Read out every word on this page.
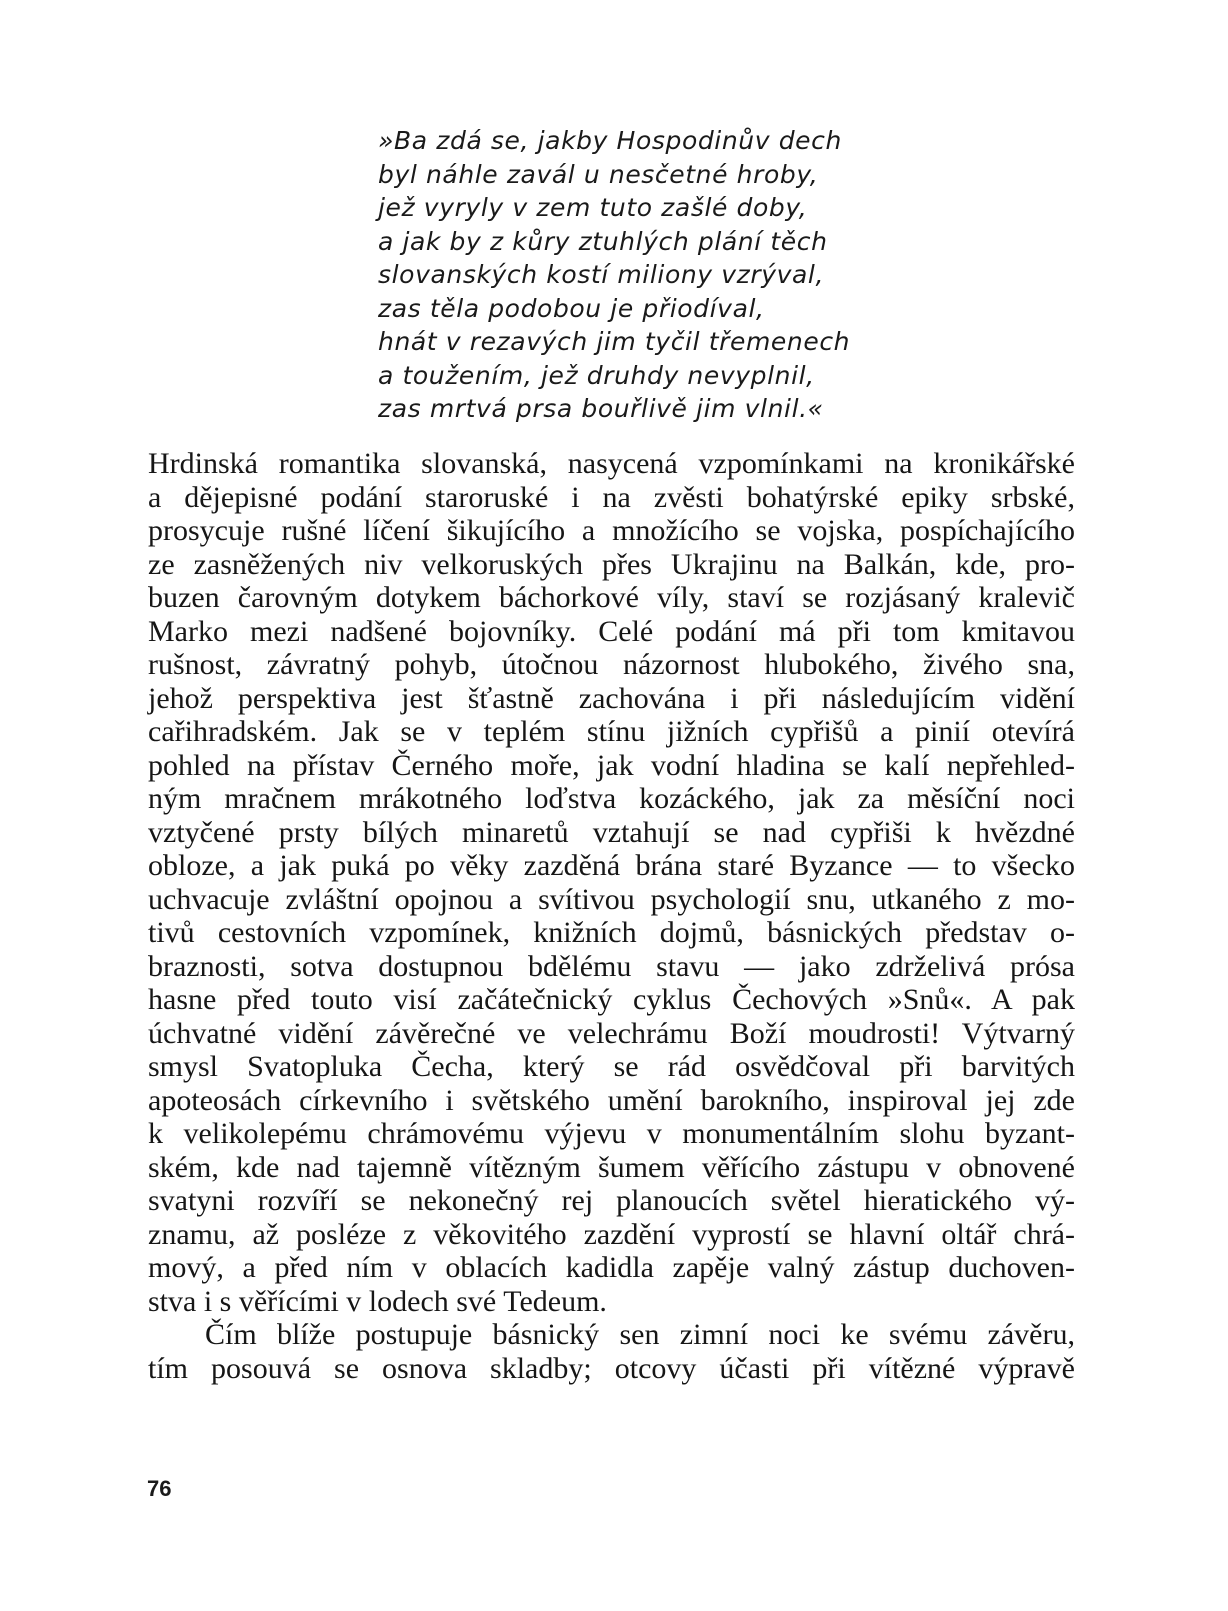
»Ba zdá se, jakby Hospodinův dech
byl náhle zavál u nesčetné hroby,
jež vyryly v zem tuto zašlé doby,
a jak by z kůry ztuhlých plání těch
slovanských kostí miliony vzrýval,
zas těla podobou je přiodíval,
hnát v rezavých jim tyčil třemenech
a toužením, jež druhdy nevyplnil,
zas mrtvá prsa bouřlivě jim vlnil.«
Hrdinská romantika slovanská, nasycená vzpomínkami na kronikářské
a dějepisné podání staroruské i na zvěsti bohatýrské epiky srbské,
prosycuje rušné líčení šikujícího a množícího se vojska, pospíchajícího
ze zasněžených niv velkoruských přes Ukrajinu na Balkán, kde, pro-
buzen čarovným dotykem báchorkové víly, staví se rozjásaný kralevič
Marko mezi nadšené bojovníky. Celé podání má při tom kmitavou
rušnost, závratný pohyb, útočnou názornost hlubokého, živého sna,
jehož perspektiva jest šťastně zachována i při následujícím vidění
cařihradském. Jak se v teplém stínu jižních cypřišů a pinií otevírá
pohled na přístav Černého moře, jak vodní hladina se kalí nepřehled-
ným mračnem mrákotného loďstva kozáckého, jak za měsíční noci
vztyčené prsty bílých minaretů vztahují se nad cypřiši k hvězdné
obloze, a jak puká po věky zazděná brána staré Byzance — to všecko
uchvacuje zvláštní opojnou a svítivou psychologií snu, utkaného z mo-
tivů cestovních vzpomínek, knižních dojmů, básnických představ o-
braznosti, sotva dostupnou bdělému stavu — jako zdrželivá prósa
hasne před touto visí začátečnický cyklus Čechových »Snů«. A pak
úchvatné vidění závěrečné ve velechrámu Boží moudrosti! Výtvarný
smysl Svatopluka Čecha, který se rád osvědčoval při barvitých
apoteosách církevního i světského umění barokního, inspiroval jej zde
k velikolepému chrámovému výjevu v monumentálním slohu byzant-
ském, kde nad tajemně vítězným šumem věřícího zástupu v obnovené
svatyni rozvíří se nekonečný rej planoucích světel hieratického vý-
znamu, až posléze z věkovitého zazdění vyprostí se hlavní oltář chrá-
mový, a před ním v oblacích kadidla zapěje valný zástup duchoven-
stva i s věřícími v lodech své Tedeum.
Čím blíže postupuje básnický sen zimní noci ke svému závěru,
tím posouvá se osnova skladby; otcovy účasti při vítězné výpravě
76
